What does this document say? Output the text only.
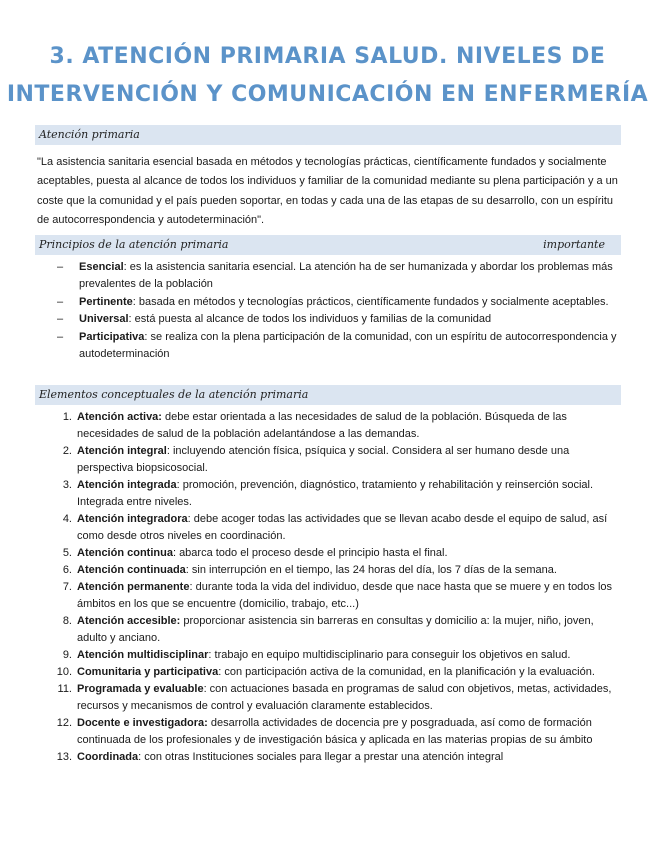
3. ATENCIÓN PRIMARIA SALUD. NIVELES DE
INTERVENCIÓN Y COMUNICACIÓN EN ENFERMERÍA
Atención primaria
"La asistencia sanitaria esencial basada en métodos y tecnologías prácticas, científicamente fundados y socialmente aceptables, puesta al alcance de todos los individuos y familiar de la comunidad mediante su plena participación y a un coste que la comunidad y el país pueden soportar, en todas y cada una de las etapas de su desarrollo, con un espíritu de autocorrespondencia y autodeterminación".
Principios de la atención primaria	importante
– Esencial: es la asistencia sanitaria esencial. La atención ha de ser humanizada y abordar los problemas más prevalentes de la población
– Pertinente: basada en métodos y tecnologías prácticos, científicamente fundados y socialmente aceptables.
– Universal: está puesta al alcance de todos los individuos y familias de la comunidad
– Participativa: se realiza con la plena participación de la comunidad, con un espíritu de autocorrespondencia y autodeterminación
Elementos conceptuales de la atención primaria
1. Atención activa: debe estar orientada a las necesidades de salud de la población. Búsqueda de las necesidades de salud de la población adelantándose a las demandas.
2. Atención integral: incluyendo atención física, psíquica y social. Considera al ser humano desde una perspectiva biopsicosocial.
3. Atención integrada: promoción, prevención, diagnóstico, tratamiento y rehabilitación y reinserción social. Integrada entre niveles.
4. Atención integradora: debe acoger todas las actividades que se llevan acabo desde el equipo de salud, así como desde otros niveles en coordinación.
5. Atención continua: abarca todo el proceso desde el principio hasta el final.
6. Atención continuada: sin interrupción en el tiempo, las 24 horas del día, los 7 días de la semana.
7. Atención permanente: durante toda la vida del individuo, desde que nace hasta que se muere y en todos los ámbitos en los que se encuentre (domicilio, trabajo, etc...)
8. Atención accesible: proporcionar asistencia sin barreras en consultas y domicilio a: la mujer, niño, joven, adulto y anciano.
9. Atención multidisciplinar: trabajo en equipo multidisciplinario para conseguir los objetivos en salud.
10. Comunitaria y participativa: con participación activa de la comunidad, en la planificación y la evaluación.
11. Programada y evaluable: con actuaciones basada en programas de salud con objetivos, metas, actividades, recursos y mecanismos de control y evaluación claramente establecidos.
12. Docente e investigadora: desarrolla actividades de docencia pre y posgraduada, así como de formación continuada de los profesionales y de investigación básica y aplicada en las materias propias de su ámbito
13. Coordinada: con otras Instituciones sociales para llegar a prestar una atención integral
